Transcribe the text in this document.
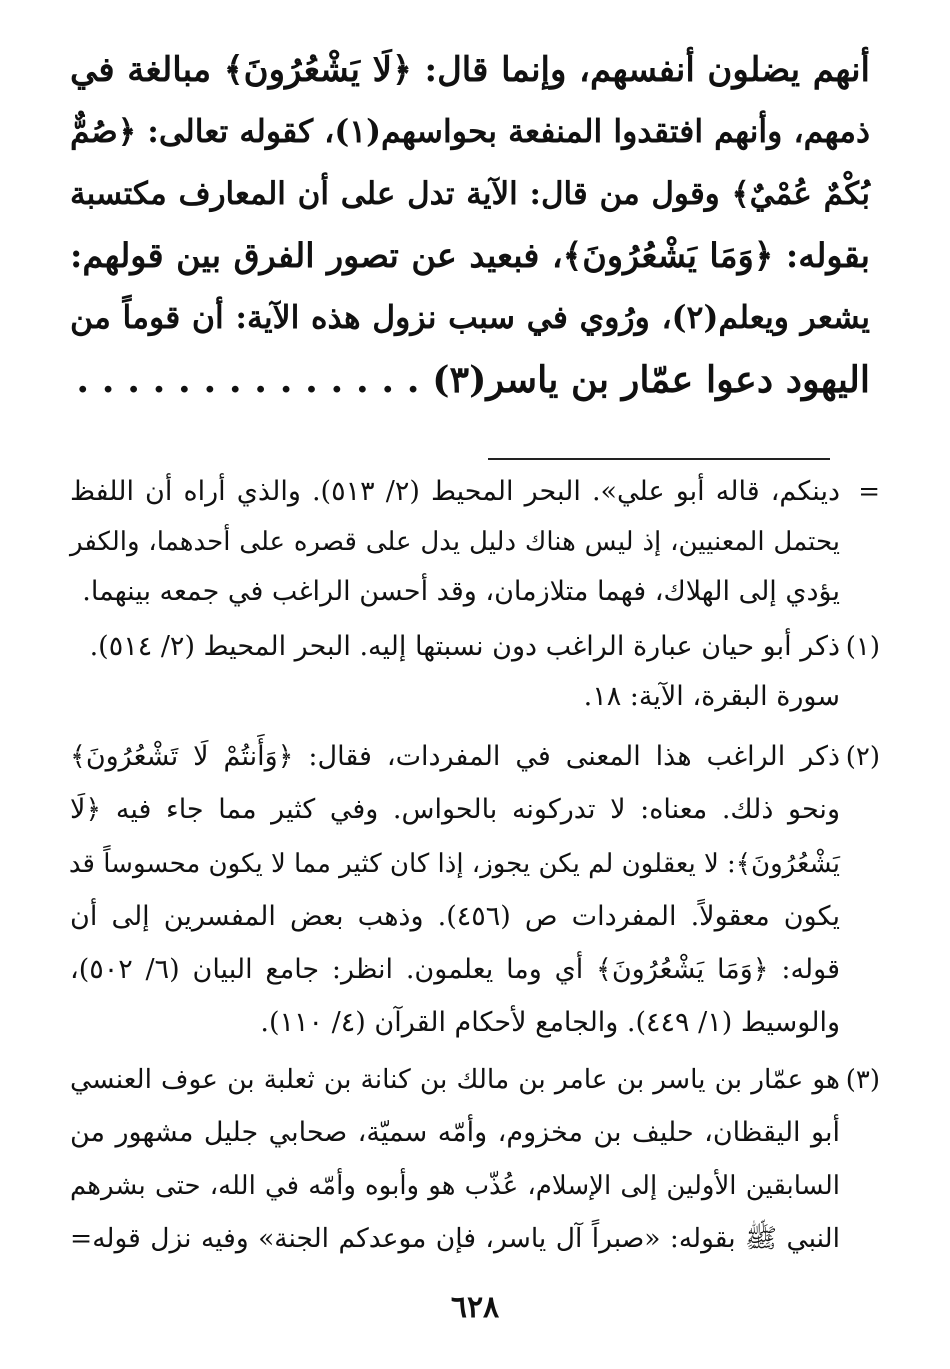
أنهم يضلون أنفسهم، وإنما قال: ﴿لَا يَشْعُرُونَ﴾ مبالغة في
ذمهم، وأنهم افتقدوا المنفعة بحواسهم(١)، كقوله تعالى: ﴿صُمٌّ
بُكْمٌ عُمْيٌ﴾ وقول من قال: الآية تدل على أن المعارف مكتسبة
بقوله: ﴿وَمَا يَشْعُرُونَ﴾، فبعيد عن تصور الفرق بين قولهم:
يشعر ويعلم(٢)، ورُوي في سبب نزول هذه الآية: أن قوماً من
اليهود دعوا عمّار بن ياسر(٣) . . . . . . . . . . . . . .
=
دينكم، قاله أبو علي». البحر المحيط (٢/ ٥١٣). والذي أراه أن اللفظ
يحتمل المعنيين، إذ ليس هناك دليل يدل على قصره على أحدهما، والكفر
يؤدي إلى الهلاك، فهما متلازمان، وقد أحسن الراغب في جمعه بينهما.
(١)
ذكر أبو حيان عبارة الراغب دون نسبتها إليه. البحر المحيط (٢/ ٥١٤).
سورة البقرة، الآية: ١٨.
(٢)
ذكر الراغب هذا المعنى في المفردات، فقال: ﴿وَأَنتُمْ لَا تَشْعُرُونَ﴾
ونحو ذلك. معناه: لا تدركونه بالحواس. وفي كثير مما جاء فيه ﴿لَا
يَشْعُرُونَ﴾: لا يعقلون لم يكن يجوز، إذا كان كثير مما لا يكون محسوساً قد
يكون معقولاً. المفردات ص (٤٥٦). وذهب بعض المفسرين إلى أن
قوله: ﴿وَمَا يَشْعُرُونَ﴾ أي وما يعلمون. انظر: جامع البيان (٦/ ٥٠٢)،
والوسيط (١/ ٤٤٩). والجامع لأحكام القرآن (٤/ ١١٠).
(٣)
هو عمّار بن ياسر بن عامر بن مالك بن كنانة بن ثعلبة بن عوف العنسي
أبو اليقظان، حليف بن مخزوم، وأمّه سميّة، صحابي جليل مشهور من
السابقين الأولين إلى الإسلام، عُذّب هو وأبوه وأمّه في الله، حتى بشرهم
النبي ﷺ بقوله: «صبراً آل ياسر، فإن موعدكم الجنة» وفيه نزل قوله=
٦٢٨
